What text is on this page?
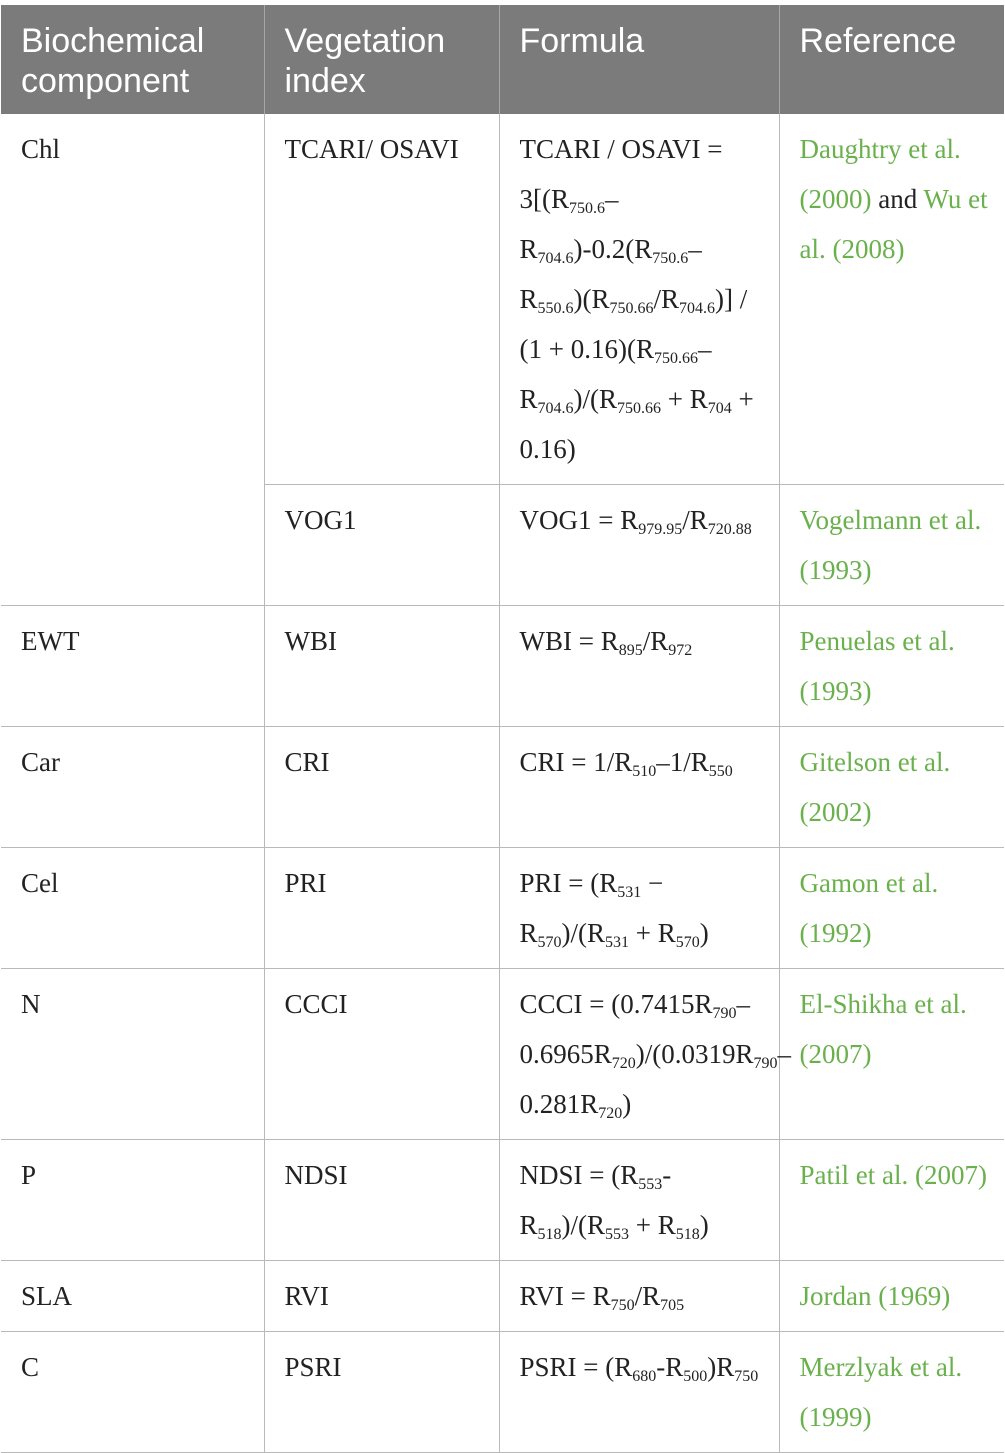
Biochemical component	Vegetation index	Formula	Reference
Chl	TCARI/ OSAVI	TCARI / OSAVI = $3[(R_{750.6}-R_{704.6})-0.2(R_{750.6}-R_{550.6})(R_{750.66}/R_{704.6})] / (1 + 0.16)(R_{750.66}-R_{704.6})/(R_{750.66} + R_{704} + 0.16)$	Daughtry et al. (2000) and Wu et al. (2008)
	VOG1	$VOG1 = R_{979.95}/R_{720.88}$	Vogelmann et al. (1993)
EWT	WBI	WBI = $R_{895}/R_{972}$	Penuelas et al. (1993)
Car	CRI	CRI = $1/R_{510}-1/R_{550}$	Gitelson et al. (2002)
Cel	PRI	PRI = $(R_{531} - R_{570})/(R_{531} + R_{570})$	Gamon et al. (1992)
N	CCCI	CCCI = $(0.7415R_{790}-0.6965R_{720})/(0.0319R_{790}-0.281R_{720})$	El-Shikha et al. (2007)
P	NDSI	NDSI = $(R_{553}-R_{518})/(R_{553} + R_{518})$	Patil et al. (2007)
SLA	RVI	RVI = $R_{750}/R_{705}$	Jordan (1969)
C	PSRI	PSRI = $(R_{680}-R_{500})R_{750}$	Merzlyak et al. (1999)
